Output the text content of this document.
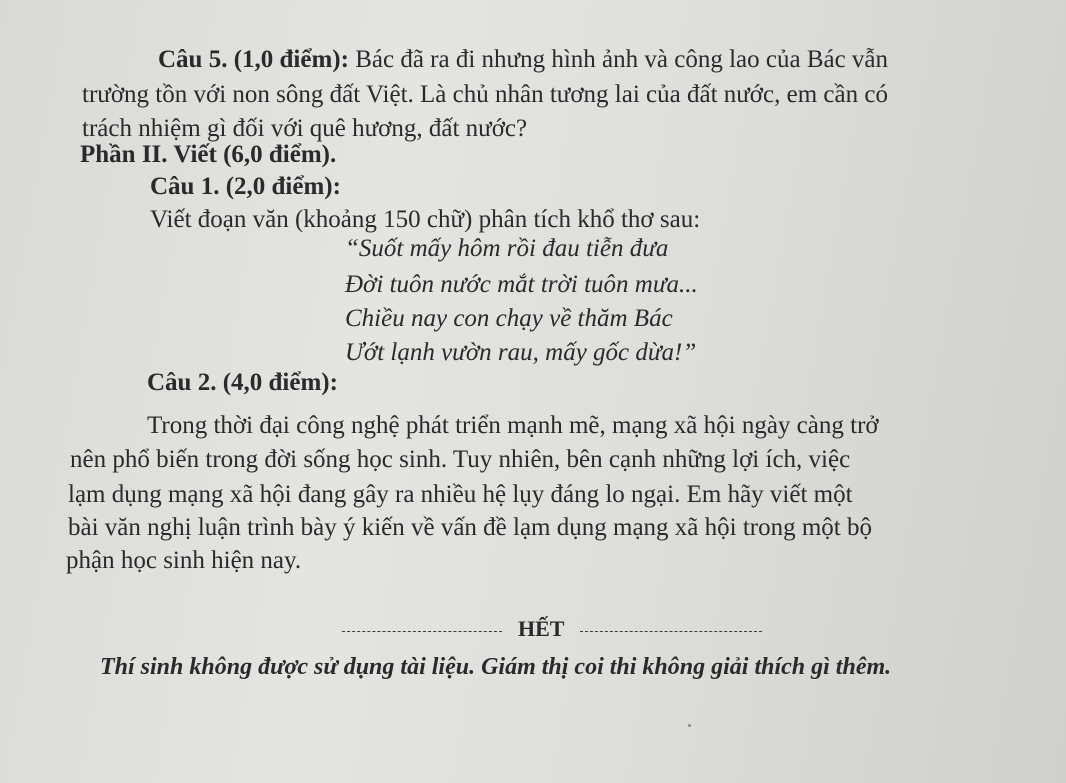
Câu 5. (1,0 điểm): Bác đã ra đi nhưng hình ảnh và công lao của Bác vẫn
trường tồn với non sông đất Việt. Là chủ nhân tương lai của đất nước, em cần có
trách nhiệm gì đối với quê hương, đất nước?
Phần II. Viết (6,0 điểm).
Câu 1. (2,0 điểm):
Viết đoạn văn (khoảng 150 chữ) phân tích khổ thơ sau:
“Suốt mấy hôm rồi đau tiễn đưa
Đời tuôn nước mắt trời tuôn mưa...
Chiều nay con chạy về thăm Bác
Ướt lạnh vườn rau, mấy gốc dừa!”
Câu 2. (4,0 điểm):
Trong thời đại công nghệ phát triển mạnh mẽ, mạng xã hội ngày càng trở
nên phổ biến trong đời sống học sinh. Tuy nhiên, bên cạnh những lợi ích, việc
lạm dụng mạng xã hội đang gây ra nhiều hệ lụy đáng lo ngại. Em hãy viết một
bài văn nghị luận trình bày ý kiến về vấn đề lạm dụng mạng xã hội trong một bộ
phận học sinh hiện nay.
HẾT
Thí sinh không được sử dụng tài liệu. Giám thị coi thi không giải thích gì thêm.
